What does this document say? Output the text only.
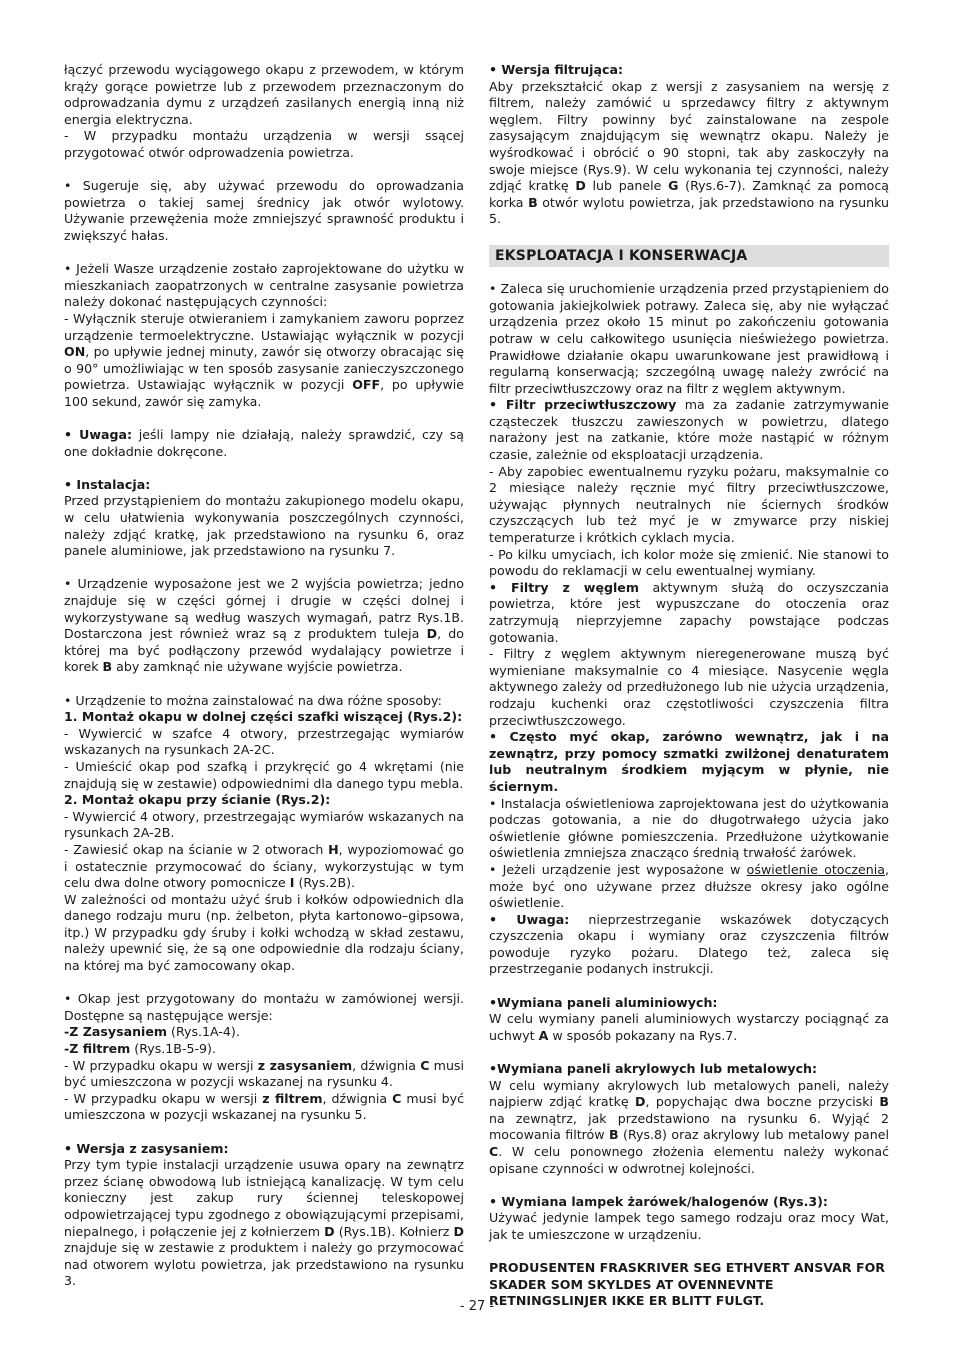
łączyć przewodu wyciągowego okapu z przewodem, w którym krąży gorące powietrze lub z przewodem przeznaczonym do odprowadzania dymu z urządzeń zasilanych energią inną niż energia elektryczna.

- W przypadku montażu urządzenia w wersji ssącej przygotować otwór odprowadzenia powietrza.

• Sugeruje się, aby używać przewodu do oprowadzania powietrza o takiej samej średnicy jak otwór wylotowy. Używanie przewężenia może zmniejszyć sprawność produktu i zwiększyć hałas.

• Jeżeli Wasze urządzenie zostało zaprojektowane do użytku w mieszkaniach zaopatrzonych w centralne zasysanie powietrza należy dokonać następujących czynności:

- Wyłącznik steruje otwieraniem i zamykaniem zaworu poprzez urządzenie termoelektryczne. Ustawiając wyłącznik w pozycji ON, po upływie jednej minuty, zawór się otworzy obracając się o 90° umożliwiając w ten sposób zasysanie zanieczyszczonego powietrza. Ustawiając wyłącznik w pozycji OFF, po upływie 100 sekund, zawór się zamyka.

• Uwaga: jeśli lampy nie działają, należy sprawdzić, czy są one dokładnie dokręcone.

• Instalacja:
Przed przystąpieniem do montażu zakupionego modelu okapu, w celu ułatwienia wykonywania poszczególnych czynności, należy zdjąć kratkę, jak przedstawiono na rysunku 6, oraz panele aluminiowe, jak przedstawiono na rysunku 7.

• Urządzenie wyposażone jest we 2 wyjścia powietrza; jedno znajduje się w części górnej i drugie w części dolnej i wykorzystywane są według waszych wymagań, patrz Rys.1B. Dostarczona jest również wraz są z produktem tuleja D, do której ma być podłączony przewód wydalający powietrze i korek B aby zamknąć nie używane wyjście powietrza.

• Urządzenie to można zainstalować na dwa różne sposoby:
1. Montaż okapu w dolnej części szafki wiszącej (Rys.2):
- Wywiercić w szafce 4 otwory, przestrzegając wymiarów wskazanych na rysunkach 2A-2C.
- Umieścić okap pod szafką i przykręcić go 4 wkrętami (nie znajdują się w zestawie) odpowiednimi dla danego typu mebla.
2. Montaż okapu przy ścianie (Rys.2):
- Wywiercić 4 otwory, przestrzegając wymiarów wskazanych na rysunkach 2A-2B.
- Zawiesić okap na ścianie w 2 otworach H, wypoziomować go i ostatecznie przymocować do ściany, wykorzystując w tym celu dwa dolne otwory pomocnicze I (Rys.2B).
W zależności od montażu użyć śrub i kołków odpowiednich dla danego rodzaju muru (np. żelbeton, płyta kartonowo–gipsowa, itp.) W przypadku gdy śruby i kołki wchodzą w skład zestawu, należy upewnić się, że są one odpowiednie dla rodzaju ściany, na której ma być zamocowany okap.

• Okap jest przygotowany do montażu w zamówionej wersji. Dostępne są następujące wersje:
-Z Zasysaniem (Rys.1A-4).
-Z filtrem (Rys.1B-5-9).
- W przypadku okapu w wersji z zasysaniem, dźwignia C musi być umieszczona w pozycji wskazanej na rysunku 4.
- W przypadku okapu w wersji z filtrem, dźwignia C musi być umieszczona w pozycji wskazanej na rysunku 5.

• Wersja z zasysaniem:
Przy tym typie instalacji urządzenie usuwa opary na zewnątrz przez ścianę obwodową lub istniejącą kanalizację. W tym celu konieczny jest zakup rury ściennej teleskopowej odpowietrzającej typu zgodnego z obowiązującymi przepisami, niepalnego, i połączenie jej z kołnierzem D (Rys.1B). Kołnierz D znajduje się w zestawie z produktem i należy go przymocować nad otworem wylotu powietrza, jak przedstawiono na rysunku 3.

• Wersja filtrująca:
Aby przekształcić okap z wersji z zasysaniem na wersję z filtrem, należy zamówić u sprzedawcy filtry z aktywnym węglem. Filtry powinny być zainstalowane na zespole zasysającym znajdującym się wewnątrz okapu. Należy je wyśrodkować i obrócić o 90 stopni, tak aby zaskoczyły na swoje miejsce (Rys.9). W celu wykonania tej czynności, należy zdjąć kratkę D lub panele G (Rys.6-7). Zamknąć za pomocą korka B otwór wylotu powietrza, jak przedstawiono na rysunku 5.

EKSPLOATACJA I KONSERWACJA

• Zaleca się uruchomienie urządzenia przed przystąpieniem do gotowania jakiejkolwiek potrawy. Zaleca się, aby nie wyłączać urządzenia przez około 15 minut po zakończeniu gotowania potraw w celu całkowitego usunięcia nieświeżego powietrza. Prawidłowe działanie okapu uwarunkowane jest prawidłową i regularną konserwacją; szczególną uwagę należy zwrócić na filtr przeciwtłuszczowy oraz na filtr z węglem aktywnym.
• Filtr przeciwtłuszczowy ma za zadanie zatrzymywanie cząsteczek tłuszczu zawieszonych w powietrzu, dlatego narażony jest na zatkanie, które może nastąpić w różnym czasie, zależnie od eksploatacji urządzenia.
- Aby zapobiec ewentualnemu ryzyku pożaru, maksymalnie co 2 miesiące należy ręcznie myć filtry przeciwtłuszczowe, używając płynnych neutralnych nie ściernych środków czyszczących lub też myć je w zmywarce przy niskiej temperaturze i krótkich cyklach mycia.
- Po kilku umyciach, ich kolor może się zmienić. Nie stanowi to powodu do reklamacji w celu ewentualnej wymiany.
• Filtry z węglem aktywnym służą do oczyszczania powietrza, które jest wypuszczane do otoczenia oraz zatrzymują nieprzyjemne zapachy powstające podczas gotowania.
- Filtry z węglem aktywnym nieregenerowane muszą być wymieniane maksymalnie co 4 miesiące. Nasycenie węgla aktywnego zależy od przedłużonego lub nie użycia urządzenia, rodzaju kuchenki oraz częstotliwości czyszczenia filtra przeciwtłuszczowego.
• Często myć okap, zarówno wewnątrz, jak i na zewnątrz, przy pomocy szmatki zwilżonej denaturatem lub neutralnym środkiem myjącym w płynie, nie ściernym.
• Instalacja oświetleniowa zaprojektowana jest do użytkowania podczas gotowania, a nie do długotrwałego użycia jako oświetlenie główne pomieszczenia. Przedłużone użytkowanie oświetlenia zmniejsza znacząco średnią trwałość żarówek.
• Jeżeli urządzenie jest wyposażone w oświetlenie otoczenia, może być ono używane przez dłuższe okresy jako ogólne oświetlenie.
• Uwaga: nieprzestrzeganie wskazówek dotyczących czyszczenia okapu i wymiany oraz czyszczenia filtrów powoduje ryzyko pożaru. Dlatego też, zaleca się przestrzeganie podanych instrukcji.

•Wymiana paneli aluminiowych:
W celu wymiany paneli aluminiowych wystarczy pociągnąć za uchwyt A w sposób pokazany na Rys.7.

•Wymiana paneli akrylowych lub metalowych:
W celu wymiany akrylowych lub metalowych paneli, należy najpierw zdjąć kratkę D, popychając dwa boczne przyciski B na zewnątrz, jak przedstawiono na rysunku 6. Wyjąć 2 mocowania filtrów B (Rys.8) oraz akrylowy lub metalowy panel C. W celu ponownego złożenia elementu należy wykonać opisane czynności w odwrotnej kolejności.

• Wymiana lampek żarówek/halogenów (Rys.3):
Używać jedynie lampek tego samego rodzaju oraz mocy Wat, jak te umieszczone w urządzeniu.

PRODUSENTEN FRASKRIVER SEG ETHVERT ANSVAR FOR SKADER SOM SKYLDES AT OVENNEVNTE RETNINGSLINJER IKKE ER BLITT FULGT.

- 27 -
